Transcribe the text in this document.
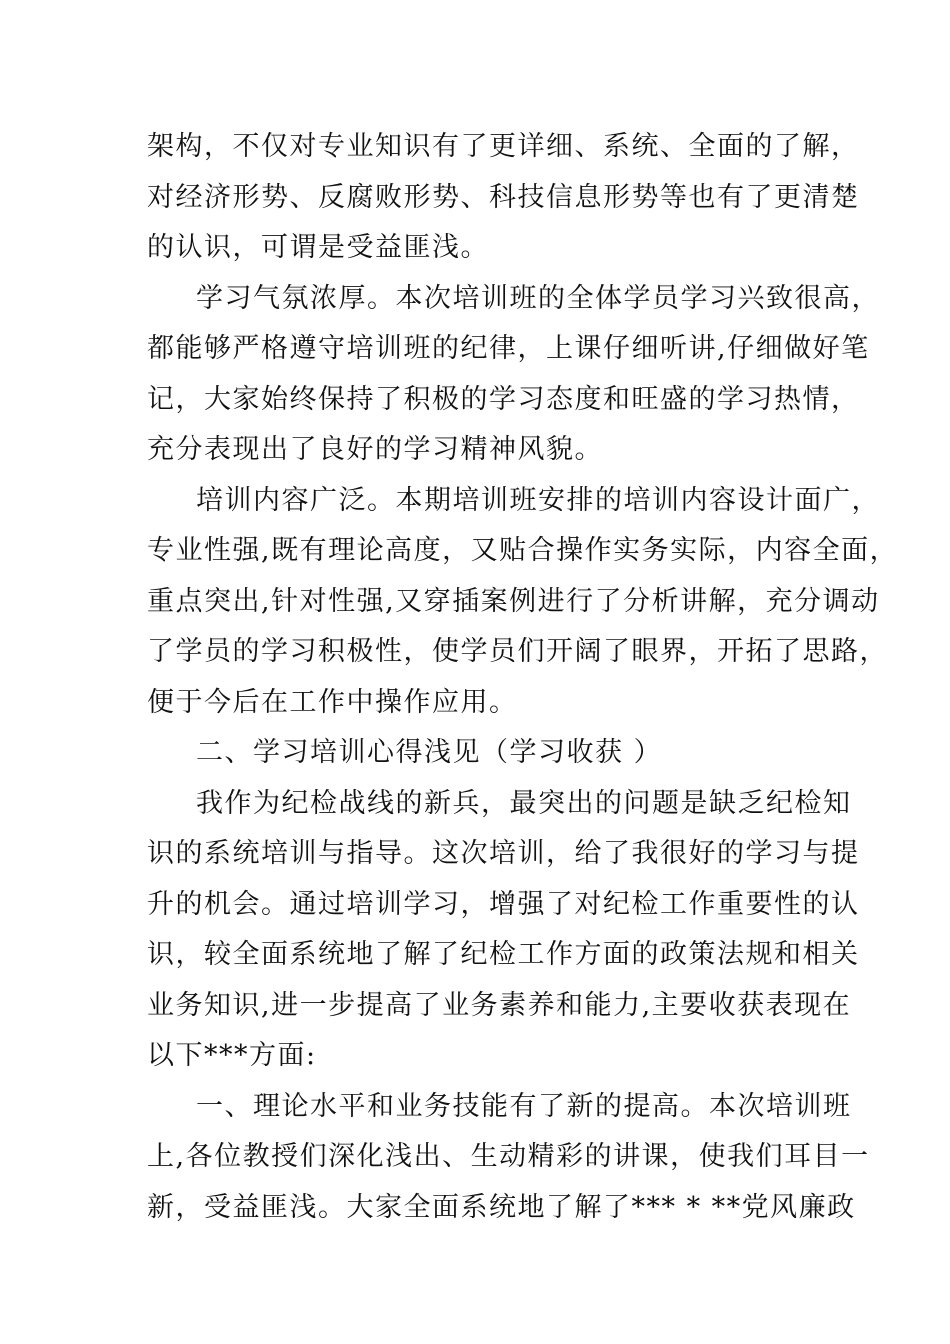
架构，不仅对专业知识有了更详细、系统、全面的了解，
对经济形势、反腐败形势、科技信息形势等也有了更清楚
的认识，可谓是受益匪浅。
学习气氛浓厚。本次培训班的全体学员学习兴致很高，
都能够严格遵守培训班的纪律，上课仔细听讲,仔细做好笔
记，大家始终保持了积极的学习态度和旺盛的学习热情，
充分表现出了良好的学习精神风貌。
培训内容广泛。本期培训班安排的培训内容设计面广，
专业性强,既有理论高度，又贴合操作实务实际，内容全面，
重点突出,针对性强,又穿插案例进行了分析讲解，充分调动
了学员的学习积极性，使学员们开阔了眼界，开拓了思路，
便于今后在工作中操作应用。
二、学习培训心得浅见（学习收获 ）
我作为纪检战线的新兵，最突出的问题是缺乏纪检知
识的系统培训与指导。这次培训，给了我很好的学习与提
升的机会。通过培训学习，增强了对纪检工作重要性的认
识，较全面系统地了解了纪检工作方面的政策法规和相关
业务知识,进一步提高了业务素养和能力,主要收获表现在
以下***方面:
一、理论水平和业务技能有了新的提高。本次培训班
上,各位教授们深化浅出、生动精彩的讲课，使我们耳目一
新，受益匪浅。大家全面系统地了解了*** * **党风廉政
